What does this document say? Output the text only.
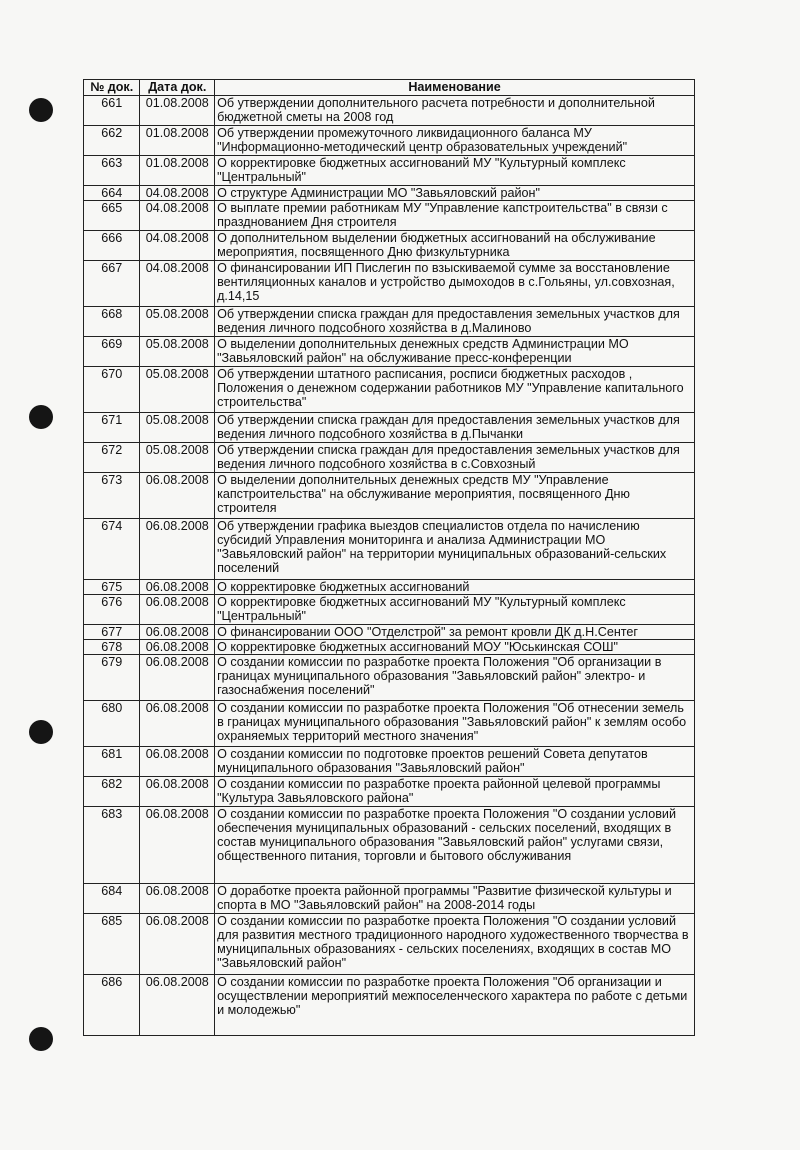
№ док.	Дата док.	Наименование
661	01.08.2008	Об утверждении дополнительного расчета потребности и дополнительной бюджетной сметы на 2008 год
662	01.08.2008	Об утверждении промежуточного ликвидационного баланса МУ "Информационно-методический центр образовательных учреждений"
663	01.08.2008	О корректировке бюджетных ассигнований МУ "Культурный комплекс "Центральный"
664	04.08.2008	О структуре Администрации МО "Завьяловский район"
665	04.08.2008	О выплате премии работникам МУ "Управление капстроительства" в связи с празднованием Дня строителя
666	04.08.2008	О дополнительном выделении бюджетных ассигнований на обслуживание мероприятия, посвященного Дню физкультурника
667	04.08.2008	О финансировании ИП Пислегин по взыскиваемой сумме за восстановление вентиляционных каналов и устройство дымоходов в с.Гольяны, ул.совхозная, д.14,15
668	05.08.2008	Об утверждении списка граждан для предоставления земельных участков для ведения личного подсобного хозяйства в д.Малиново
669	05.08.2008	О выделении дополнительных денежных средств Администрации МО "Завьяловский район" на обслуживание пресс-конференции
670	05.08.2008	Об утверждении штатного расписания, росписи бюджетных расходов , Положения о денежном содержании работников МУ "Управление капитального строительства"
671	05.08.2008	Об утверждении списка граждан для предоставления земельных участков для ведения личного подсобного хозяйства в д.Пычанки
672	05.08.2008	Об утверждении списка граждан для предоставления земельных участков для ведения личного подсобного хозяйства в с.Совхозный
673	06.08.2008	О выделении дополнительных денежных средств МУ "Управление капстроительства" на обслуживание мероприятия, посвященного Дню строителя
674	06.08.2008	Об утверждении графика выездов специалистов отдела по начислению субсидий Управления мониторинга и анализа Администрации МО "Завьяловский район" на территории муниципальных образований-сельских поселений
675	06.08.2008	О корректировке бюджетных ассигнований
676	06.08.2008	О корректировке бюджетных ассигнований МУ "Культурный комплекс "Центральный"
677	06.08.2008	О финансировании ООО "Отделстрой" за ремонт кровли ДК д.Н.Сентег
678	06.08.2008	О корректировке бюджетных ассигнований МОУ "Юськинская СОШ"
679	06.08.2008	О создании комиссии по разработке проекта Положения "Об организации в границах муниципального образования "Завьяловский район" электро- и газоснабжения поселений"
680	06.08.2008	О создании комиссии по разработке проекта Положения "Об отнесении земель в границах муниципального образования "Завьяловский район" к землям особо охраняемых территорий местного значения"
681	06.08.2008	О создании комиссии по подготовке проектов решений Совета депутатов муниципального образования "Завьяловский район"
682	06.08.2008	О создании комиссии по разработке проекта районной целевой программы "Культура Завьяловского района"
683	06.08.2008	О создании комиссии по разработке проекта Положения "О создании условий обеспечения муниципальных образований - сельских поселений, входящих в состав муниципального образования "Завьяловский район" услугами связи, общественного питания, торговли и бытового обслуживания
684	06.08.2008	О доработке проекта районной программы "Развитие физической культуры и спорта в МО "Завьяловский район" на 2008-2014 годы
685	06.08.2008	О создании комиссии по разработке проекта Положения "О создании условий для развития местного традиционного народного художественного творчества в муниципальных образованиях - сельских поселениях, входящих в состав МО "Завьяловский район"
686	06.08.2008	О создании комиссии по разработке проекта Положения "Об организации и осуществлении мероприятий межпоселенческого характера по работе с детьми и молодежью"
